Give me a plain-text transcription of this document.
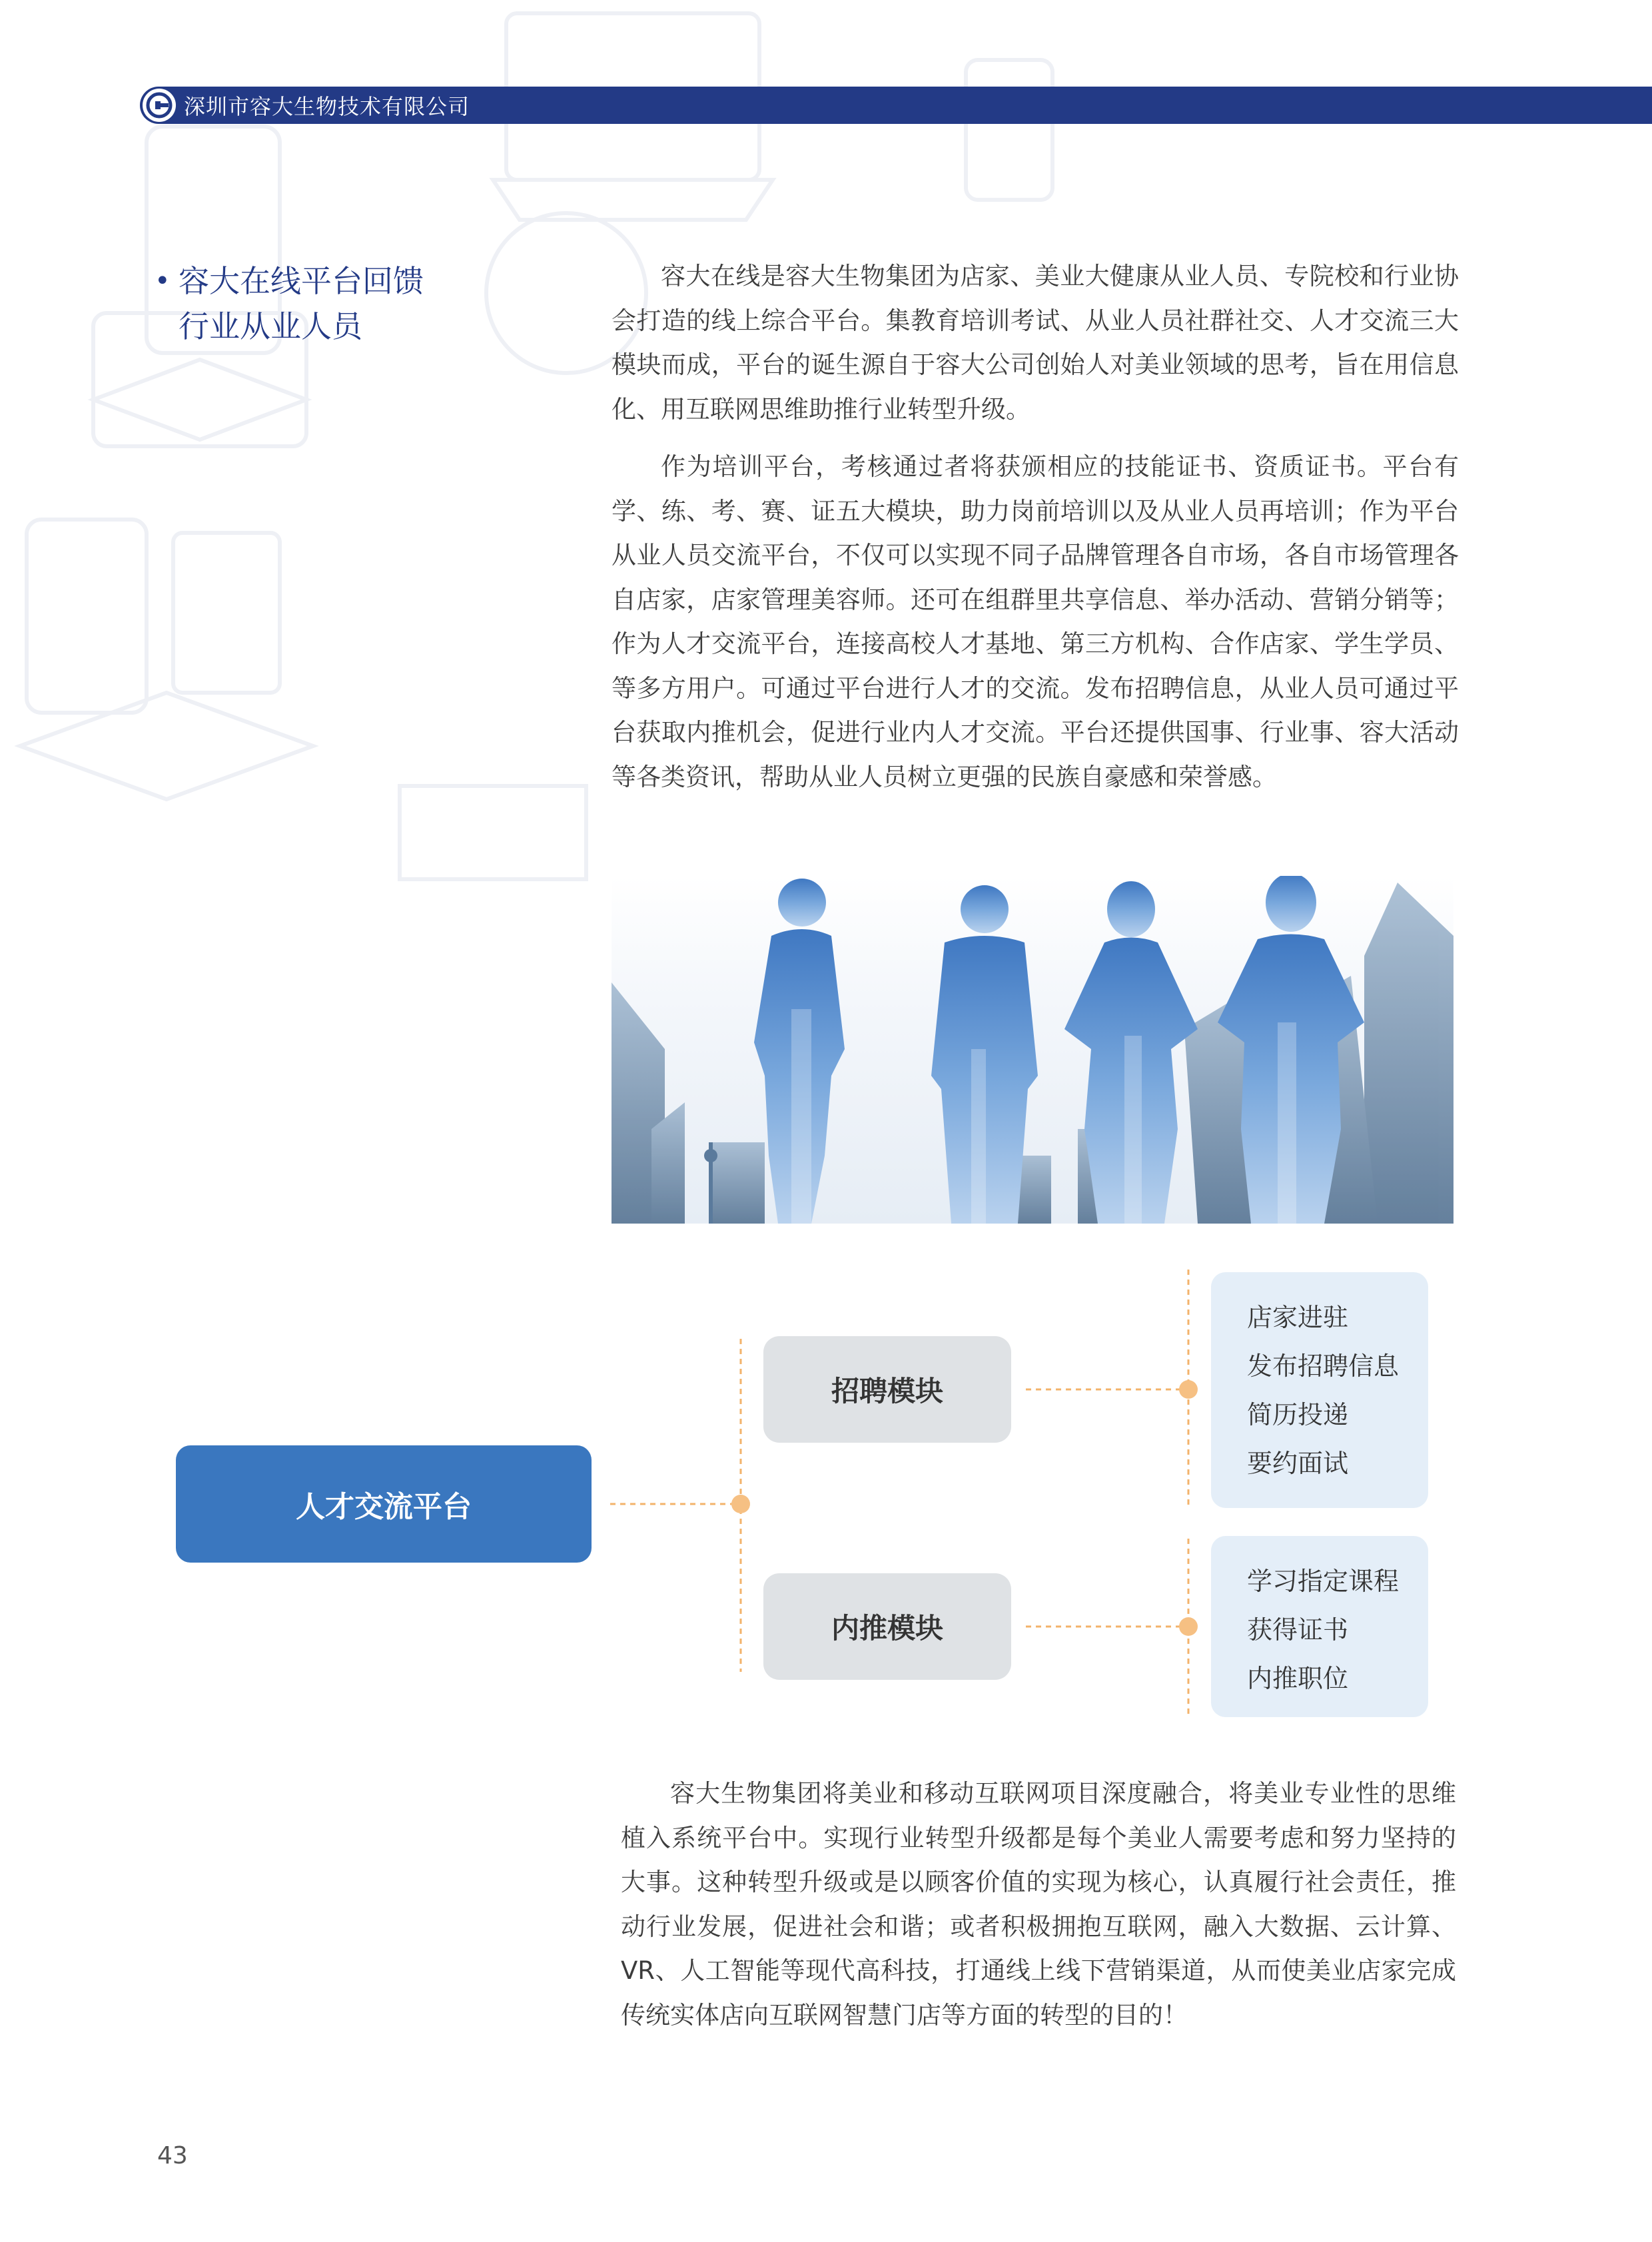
深圳市容大生物技术有限公司
• 容大在线平台回馈
行业从业人员

容大在线是容大生物集团为店家、美业大健康从业人员、专院校和行业协会打造的线上综合平台。集教育培训考试、从业人员社群社交、人才交流三大模块而成，平台的诞生源自于容大公司创始人对美业领域的思考，旨在用信息化、用互联网思维助推行业转型升级。

作为培训平台，考核通过者将获颁相应的技能证书、资质证书。平台有学、练、考、赛、证五大模块，助力岗前培训以及从业人员再培训；作为平台从业人员交流平台，不仅可以实现不同子品牌管理各自市场，各自市场管理各自店家，店家管理美容师。还可在组群里共享信息、举办活动、营销分销等；作为人才交流平台，连接高校人才基地、第三方机构、合作店家、学生学员、等多方用户。可通过平台进行人才的交流。发布招聘信息，从业人员可通过平台获取内推机会，促进行业内人才交流。平台还提供国事、行业事、容大活动等各类资讯，帮助从业人员树立更强的民族自豪感和荣誉感。

人才交流平台
招聘模块
内推模块
店家进驻
发布招聘信息
简历投递
要约面试
学习指定课程
获得证书
内推职位

容大生物集团将美业和移动互联网项目深度融合，将美业专业性的思维植入系统平台中。实现行业转型升级都是每个美业人需要考虑和努力坚持的大事。这种转型升级或是以顾客价值的实现为核心，认真履行社会责任，推动行业发展，促进社会和谐；或者积极拥抱互联网，融入大数据、云计算、VR、人工智能等现代高科技，打通线上线下营销渠道，从而使美业店家完成传统实体店向互联网智慧门店等方面的转型的目的！

43
